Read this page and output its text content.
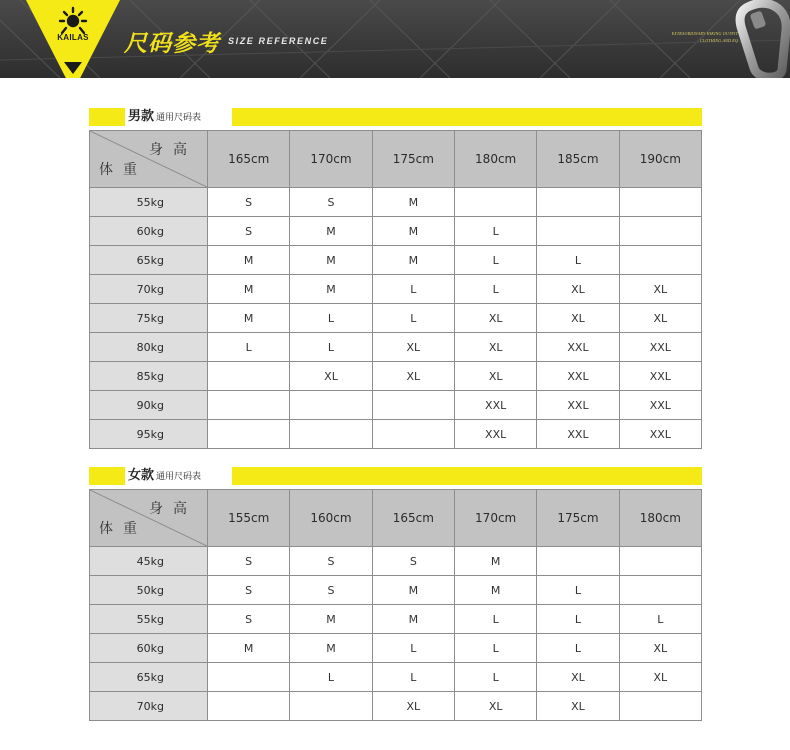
KAILAS	尺码参考 SIZE REFERENCE
EXTRAORDINARY HIKING OUTFIT
CLOTHING AND EQ
男款 通用尺码表
身高
体重	165cm	170cm	175cm	180cm	185cm	190cm
55kg	S	S	M			
60kg	S	M	M	L		
65kg	M	M	M	L	L	
70kg	M	M	L	L	XL	XL
75kg	M	L	L	XL	XL	XL
80kg	L	L	XL	XL	XXL	XXL
85kg		XL	XL	XL	XXL	XXL
90kg				XXL	XXL	XXL
95kg				XXL	XXL	XXL
女款 通用尺码表
身高
体重	155cm	160cm	165cm	170cm	175cm	180cm
45kg	S	S	S	M		
50kg	S	S	M	M	L	
55kg	S	M	M	L	L	L
60kg	M	M	L	L	L	XL
65kg		L	L	L	XL	XL
70kg			XL	XL	XL	
